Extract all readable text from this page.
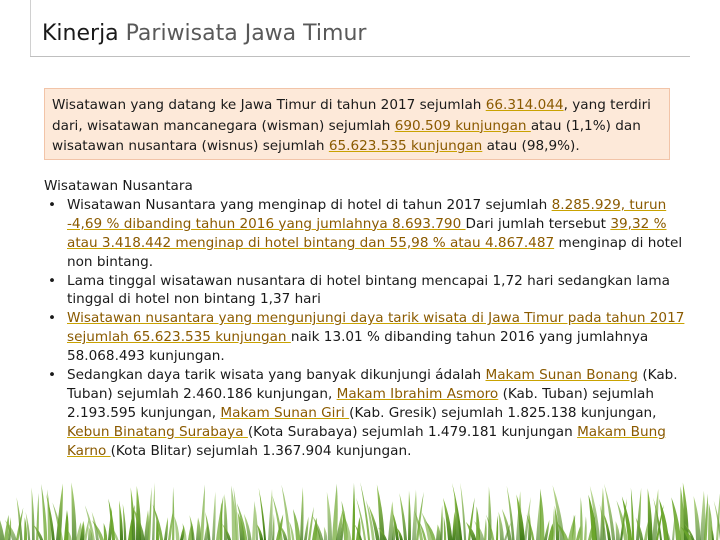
Kinerja Pariwisata Jawa Timur
Wisatawan yang datang ke Jawa Timur di tahun 2017 sejumlah 66.314.044, yang terdiri dari, wisatawan mancanegara (wisman) sejumlah 690.509 kunjungan atau (1,1%) dan wisatawan nusantara (wisnus) sejumlah 65.623.535 kunjungan atau (98,9%).

Wisatawan Nusantara

• Wisatawan Nusantara yang menginap di hotel di tahun 2017 sejumlah 8.285.929, turun -4,69 % dibanding tahun 2016 yang jumlahnya 8.693.790 Dari jumlah tersebut 39,32 % atau 3.418.442 menginap di hotel bintang dan 55,98 % atau 4.867.487 menginap di hotel non bintang.
• Lama tinggal wisatawan nusantara di hotel bintang mencapai 1,72 hari sedangkan lama tinggal di hotel non bintang 1,37 hari
• Wisatawan nusantara yang mengunjungi daya tarik wisata di Jawa Timur pada tahun 2017 sejumlah 65.623.535 kunjungan naik 13.01 % dibanding tahun 2016 yang jumlahnya 58.068.493 kunjungan.
• Sedangkan daya tarik wisata yang banyak dikunjungi ádalah Makam Sunan Bonang (Kab. Tuban) sejumlah 2.460.186 kunjungan, Makam Ibrahim Asmoro (Kab. Tuban) sejumlah 2.193.595 kunjungan, Makam Sunan Giri (Kab. Gresik) sejumlah 1.825.138 kunjungan, Kebun Binatang Surabaya (Kota Surabaya) sejumlah 1.479.181 kunjungan Makam Bung Karno (Kota Blitar) sejumlah 1.367.904 kunjungan.
